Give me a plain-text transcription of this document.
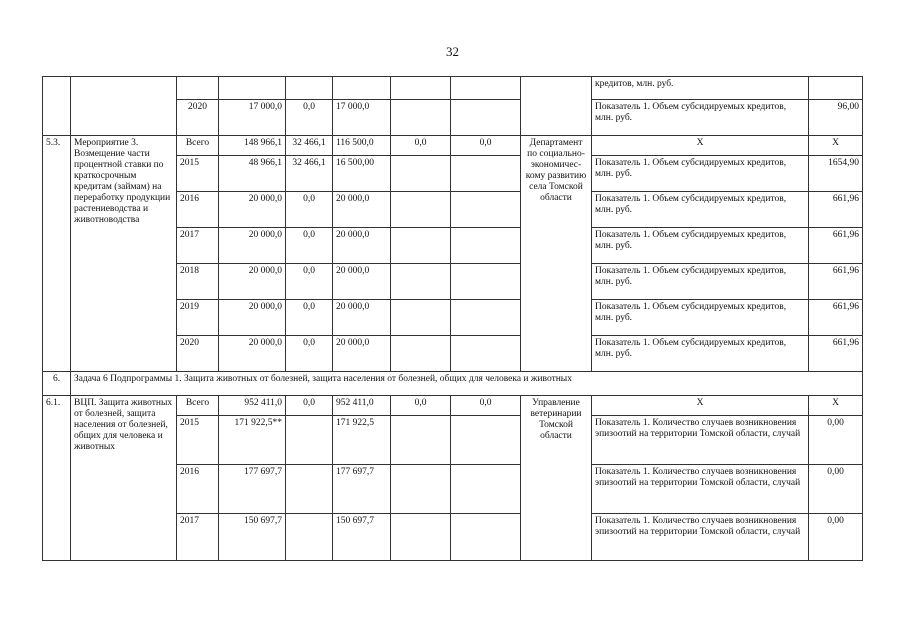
32
									кредитов, млн. руб.	
		2020	17 000,0	0,0	17 000,0				Показатель 1. Объем субсидируемых кредитов, млн. руб.	96,00
5.3.	Мероприятие 3. Возмещение части процентной ставки по краткосрочным кредитам (займам) на переработку продукции растениеводства и животноводства	Всего	148 966,1	32 466,1	116 500,0	0,0	0,0	Департамент по социально-экономичес-кому развитию села Томской области	Х	Х
		2015	48 966,1	32 466,1	16 500,00				Показатель 1. Объем субсидируемых кредитов, млн. руб.	1654,90
		2016	20 000,0	0,0	20 000,0				Показатель 1. Объем субсидируемых кредитов, млн. руб.	661,96
		2017	20 000,0	0,0	20 000,0				Показатель 1. Объем субсидируемых кредитов, млн. руб.	661,96
		2018	20 000,0	0,0	20 000,0				Показатель 1. Объем субсидируемых кредитов, млн. руб.	661,96
		2019	20 000,0	0,0	20 000,0				Показатель 1. Объем субсидируемых кредитов, млн. руб.	661,96
		2020	20 000,0	0,0	20 000,0				Показатель 1. Объем субсидируемых кредитов, млн. руб.	661,96
6.	Задача 6 Подпрограммы 1. Защита животных от болезней, защита населения от болезней, общих для человека и животных									
6.1.	ВЦП. Защита животных от болезней, защита населения от болезней, общих для человека и животных	Всего	952 411,0	0,0	952 411,0	0,0	0,0	Управление ветеринарии Томской области	Х	Х
		2015	171 922,5**		171 922,5				Показатель 1. Количество случаев возникновения эпизоотий на территории Томской области, случай	0,00
		2016	177 697,7		177 697,7				Показатель 1. Количество случаев возникновения эпизоотий на территории Томской области, случай	0,00
		2017	150 697,7		150 697,7				Показатель 1. Количество случаев возникновения эпизоотий на территории Томской области, случай	0,00
